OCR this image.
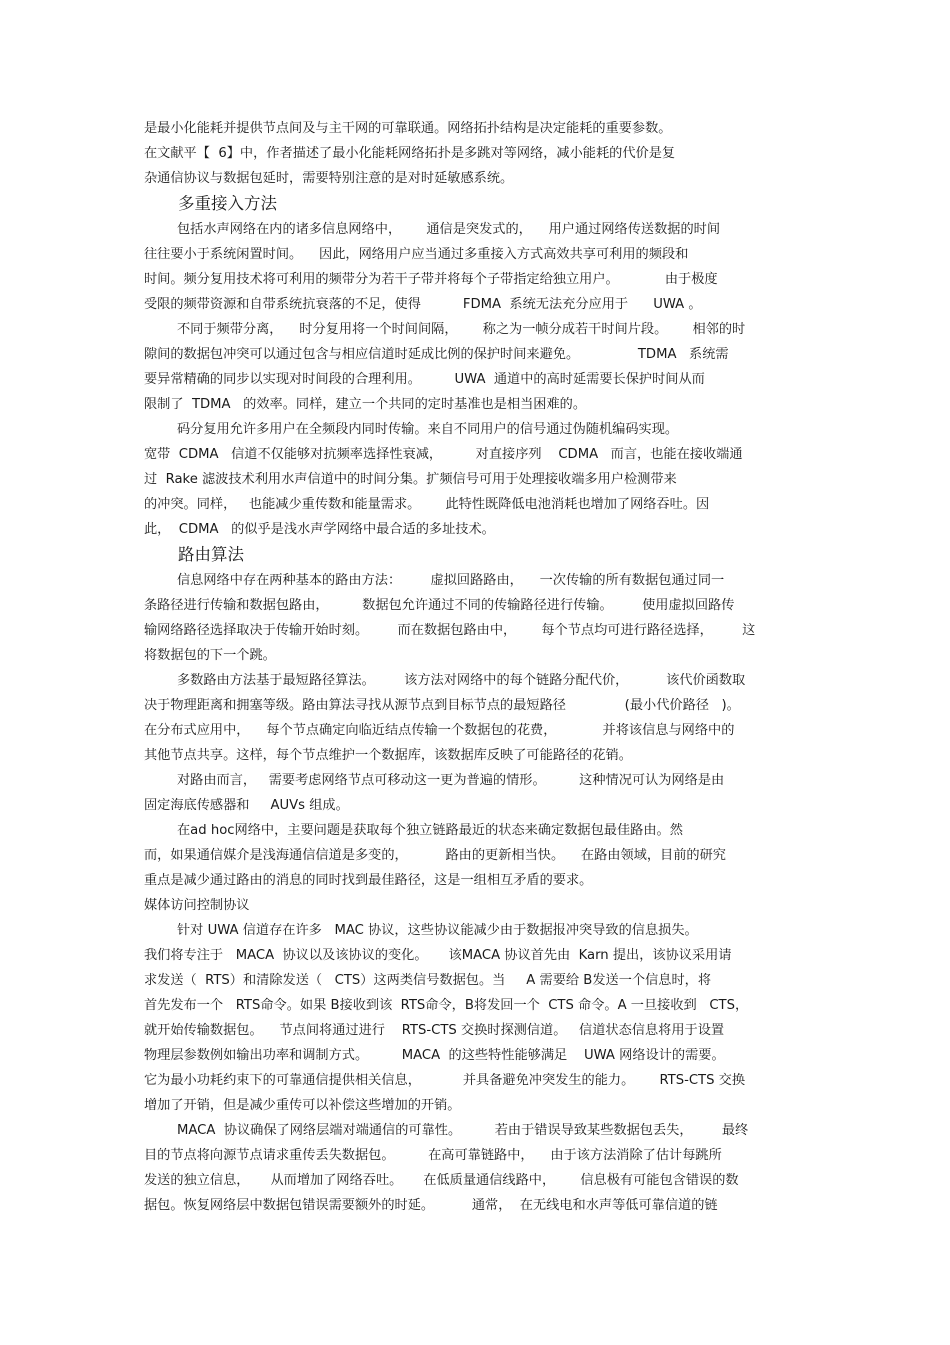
是最小化能耗并提供节点间及与主干网的可靠联通。网络拓扑结构是决定能耗的重要参数。
在文献平【  6】中，作者描述了最小化能耗网络拓扑是多跳对等网络，减小能耗的代价是复
杂通信协议与数据包延时，需要特别注意的是对时延敏感系统。
多重接入方法
包括水声网络在内的诸多信息网络中，      通信是突发式的，    用户通过网络传送数据的时间
往往要小于系统闲置时间。    因此，网络用户应当通过多重接入方式高效共享可利用的频段和
时间。频分复用技术将可利用的频带分为若干子带并将每个子带指定给独立用户。           由于极度
受限的频带资源和自带系统抗衰落的不足，使得          FDMA  系统无法充分应用于      UWA 。
不同于频带分离，    时分复用将一个时间间隔，      称之为一帧分成若干时间片段。      相邻的时
隙间的数据包冲突可以通过包含与相应信道时延成比例的保护时间来避免。              TDMA   系统需
要异常精确的同步以实现对时间段的合理利用。        UWA  通道中的高时延需要长保护时间从而
限制了  TDMA   的效率。同样，建立一个共同的定时基准也是相当困难的。
码分复用允许多用户在全频段内同时传输。来自不同用户的信号通过伪随机编码实现。
宽带  CDMA   信道不仅能够对抗频率选择性衰减，        对直接序列    CDMA   而言，也能在接收端通
过  Rake 滤波技术利用水声信道中的时间分集。扩频信号可用于处理接收端多用户检测带来
的冲突。同样，   也能减少重传数和能量需求。      此特性既降低电池消耗也增加了网络吞吐。因
此，  CDMA   的似乎是浅水声学网络中最合适的多址技术。
路由算法
信息网络中存在两种基本的路由方法：       虚拟回路路由，    一次传输的所有数据包通过同一
条路径进行传输和数据包路由，        数据包允许通过不同的传输路径进行传输。       使用虚拟回路传
输网络路径选择取决于传输开始时刻。       而在数据包路由中，      每个节点均可进行路径选择，       这
将数据包的下一个跳。
多数路由方法基于最短路径算法。       该方法对网络中的每个链路分配代价，         该代价函数取
决于物理距离和拥塞等级。路由算法寻找从源节点到目标节点的最短路径              (最小代价路径   )。
在分布式应用中，    每个节点确定向临近结点传输一个数据包的花费，           并将该信息与网络中的
其他节点共享。这样，每个节点维护一个数据库，该数据库反映了可能路径的花销。
对路由而言，   需要考虑网络节点可移动这一更为普遍的情形。        这种情况可认为网络是由
固定海底传感器和     AUVs 组成。
在ad hoc网络中，主要问题是获取每个独立链路最近的状态来确定数据包最佳路由。然
而，如果通信媒介是浅海通信信道是多变的，         路由的更新相当快。    在路由领域，目前的研究
重点是减少通过路由的消息的同时找到最佳路径，这是一组相互矛盾的要求。
媒体访问控制协议
针对 UWA 信道存在许多   MAC 协议，这些协议能减少由于数据报冲突导致的信息损失。
我们将专注于   MACA  协议以及该协议的变化。     该MACA 协议首先由  Karn 提出，该协议采用请
求发送（  RTS）和清除发送（   CTS）这两类信号数据包。当     A 需要给 B发送一个信息时，将
首先发布一个   RTS命令。如果 B接收到该  RTS命令，B将发回一个  CTS 命令。A 一旦接收到   CTS，
就开始传输数据包。    节点间将通过进行    RTS-CTS 交换时探测信道。   信道状态信息将用于设置
物理层参数例如输出功率和调制方式。        MACA  的这些特性能够满足    UWA 网络设计的需要。
它为最小功耗约束下的可靠通信提供相关信息，          并具备避免冲突发生的能力。      RTS-CTS 交换
增加了开销，但是减少重传可以补偿这些增加的开销。
MACA  协议确保了网络层端对端通信的可靠性。        若由于错误导致某些数据包丢失，       最终
目的节点将向源节点请求重传丢失数据包。        在高可靠链路中，    由于该方法消除了估计每跳所
发送的独立信息，     从而增加了网络吞吐。     在低质量通信线路中，      信息极有可能包含错误的数
据包。恢复网络层中数据包错误需要额外的时延。         通常，  在无线电和水声等低可靠信道的链
